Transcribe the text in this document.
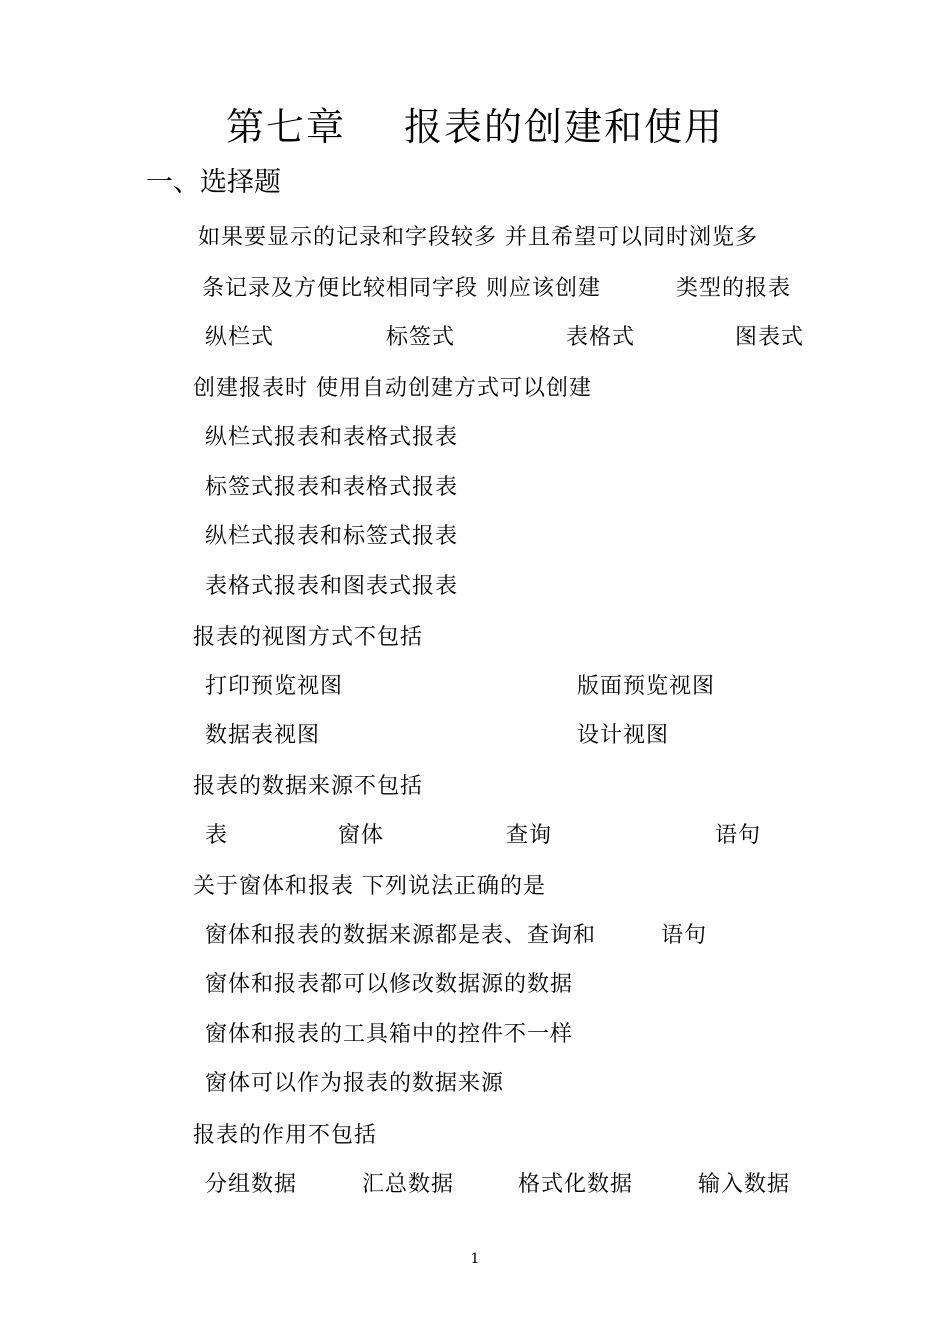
第七章 报表的创建和使用
一、选择题
如果要显示的记录和字段较多 并且希望可以同时浏览多
条记录及方便比较相同字段 则应该创建	类型的报表
纵栏式	标签式	表格式	图表式
创建报表时 使用自动创建方式可以创建
纵栏式报表和表格式报表
标签式报表和表格式报表
纵栏式报表和标签式报表
表格式报表和图表式报表
报表的视图方式不包括
打印预览视图	版面预览视图
数据表视图	设计视图
报表的数据来源不包括
表	窗体	查询	语句
关于窗体和报表 下列说法正确的是
窗体和报表的数据来源都是表、查询和	语句
窗体和报表都可以修改数据源的数据
窗体和报表的工具箱中的控件不一样
窗体可以作为报表的数据来源
报表的作用不包括
分组数据	汇总数据	格式化数据	输入数据
1
